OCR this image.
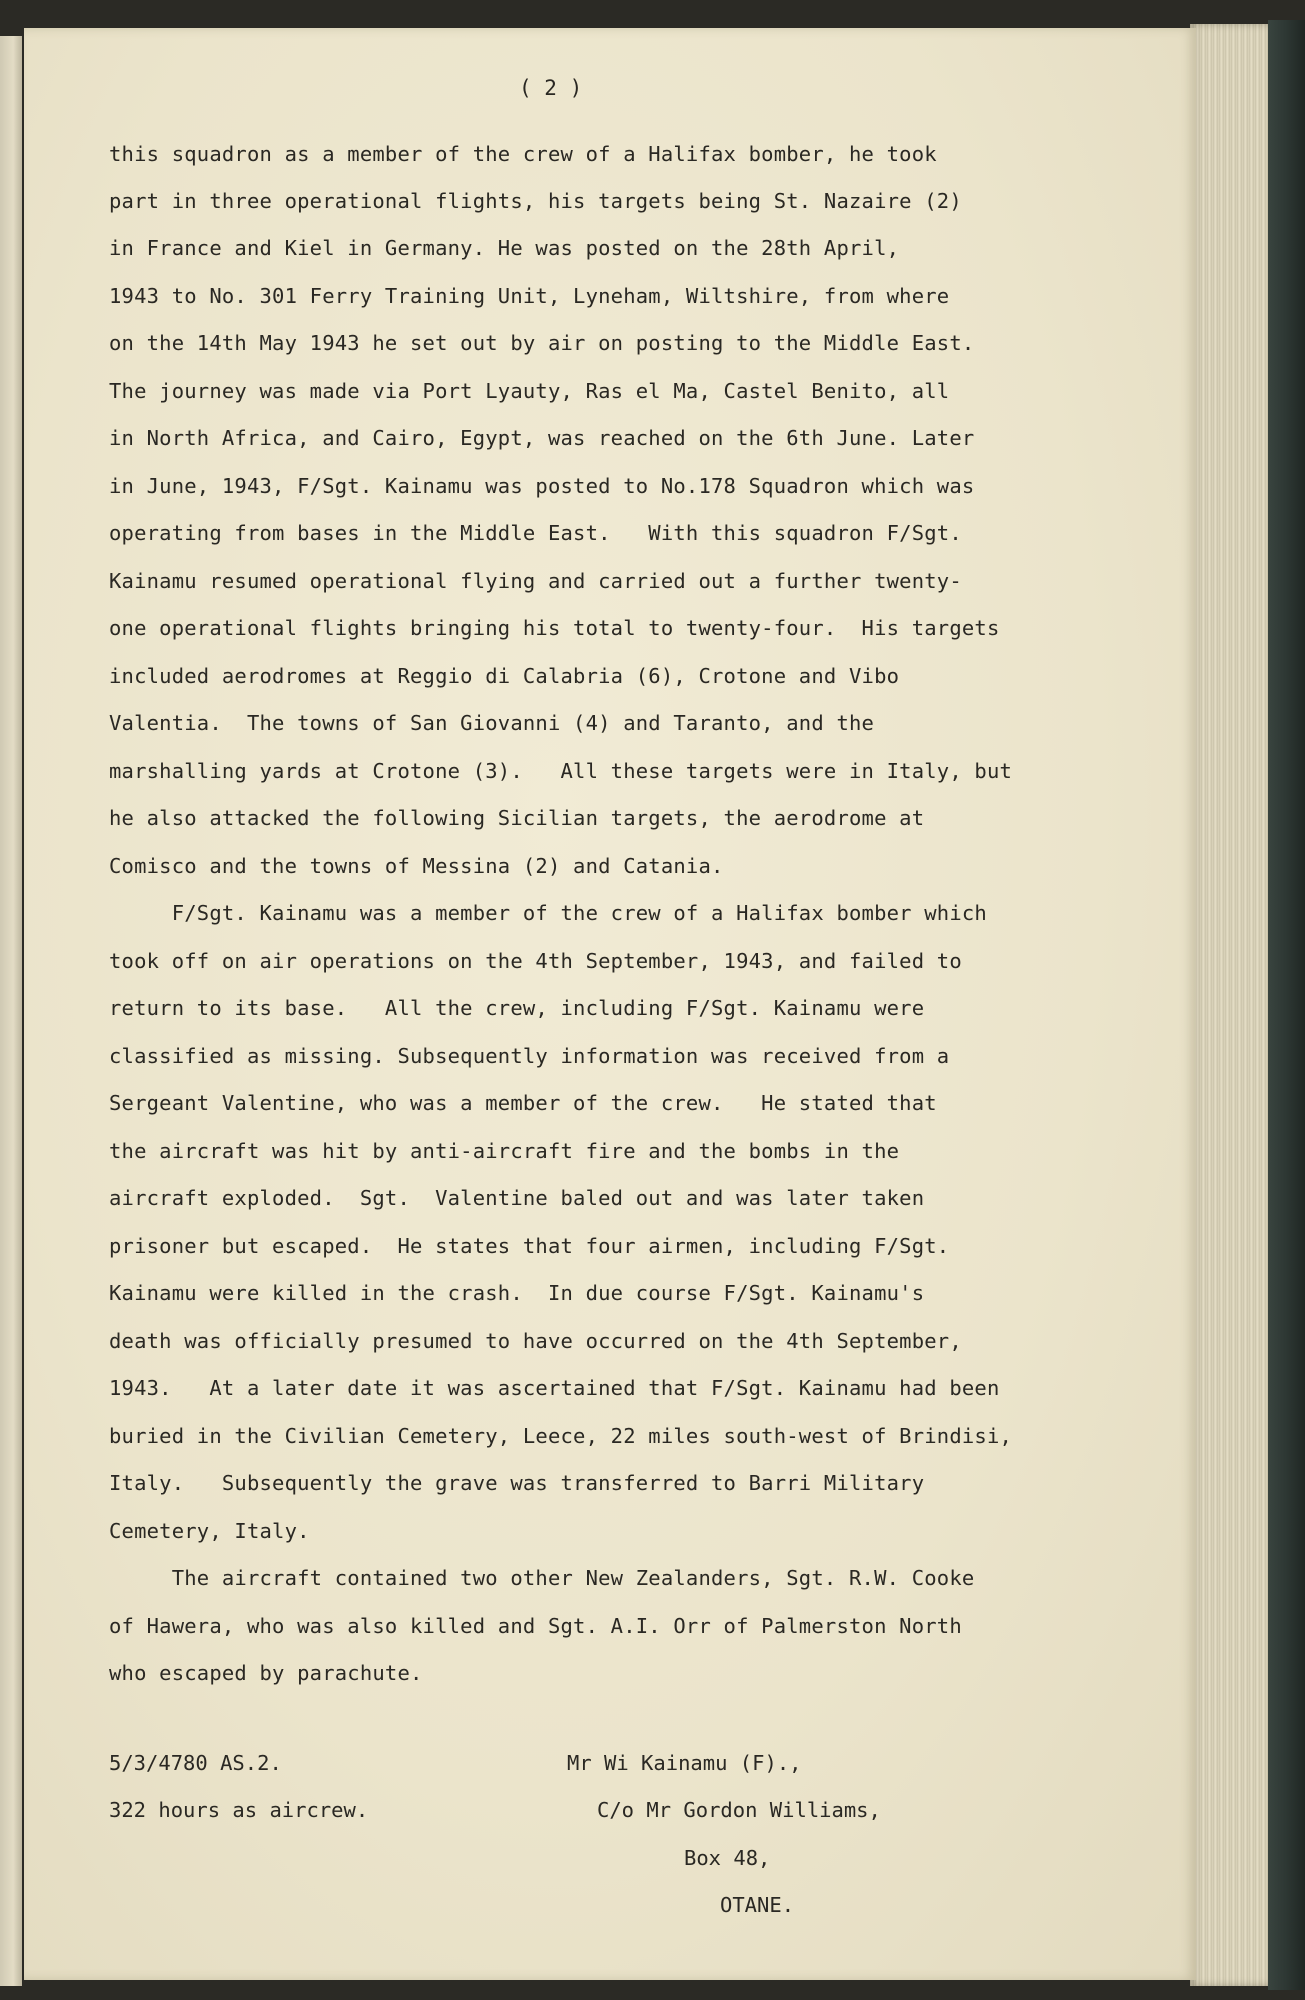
( 2 )
this squadron as a member of the crew of a Halifax bomber, he took
part in three operational flights, his targets being St. Nazaire (2)
in France and Kiel in Germany. He was posted on the 28th April,
1943 to No. 301 Ferry Training Unit, Lyneham, Wiltshire, from where
on the 14th May 1943 he set out by air on posting to the Middle East.
The journey was made via Port Lyauty, Ras el Ma, Castel Benito, all
in North Africa, and Cairo, Egypt, was reached on the 6th June. Later
in June, 1943, F/Sgt. Kainamu was posted to No.178 Squadron which was
operating from bases in the Middle East.   With this squadron F/Sgt.
Kainamu resumed operational flying and carried out a further twenty-
one operational flights bringing his total to twenty-four.  His targets
included aerodromes at Reggio di Calabria (6), Crotone and Vibo
Valentia.  The towns of San Giovanni (4) and Taranto, and the
marshalling yards at Crotone (3).   All these targets were in Italy, but
he also attacked the following Sicilian targets, the aerodrome at
Comisco and the towns of Messina (2) and Catania.
F/Sgt. Kainamu was a member of the crew of a Halifax bomber which
took off on air operations on the 4th September, 1943, and failed to
return to its base.   All the crew, including F/Sgt. Kainamu were
classified as missing. Subsequently information was received from a
Sergeant Valentine, who was a member of the crew.   He stated that
the aircraft was hit by anti-aircraft fire and the bombs in the
aircraft exploded.  Sgt.  Valentine baled out and was later taken
prisoner but escaped.  He states that four airmen, including F/Sgt.
Kainamu were killed in the crash.  In due course F/Sgt. Kainamu's
death was officially presumed to have occurred on the 4th September,
1943.   At a later date it was ascertained that F/Sgt. Kainamu had been
buried in the Civilian Cemetery, Leece, 22 miles south-west of Brindisi,
Italy.   Subsequently the grave was transferred to Barri Military
Cemetery, Italy.
The aircraft contained two other New Zealanders, Sgt. R.W. Cooke
of Hawera, who was also killed and Sgt. A.I. Orr of Palmerston North
who escaped by parachute.
5/3/4780 AS.2.
322 hours as aircrew.
Mr Wi Kainamu (F).,
C/o Mr Gordon Williams,
Box 48,
OTANE.
